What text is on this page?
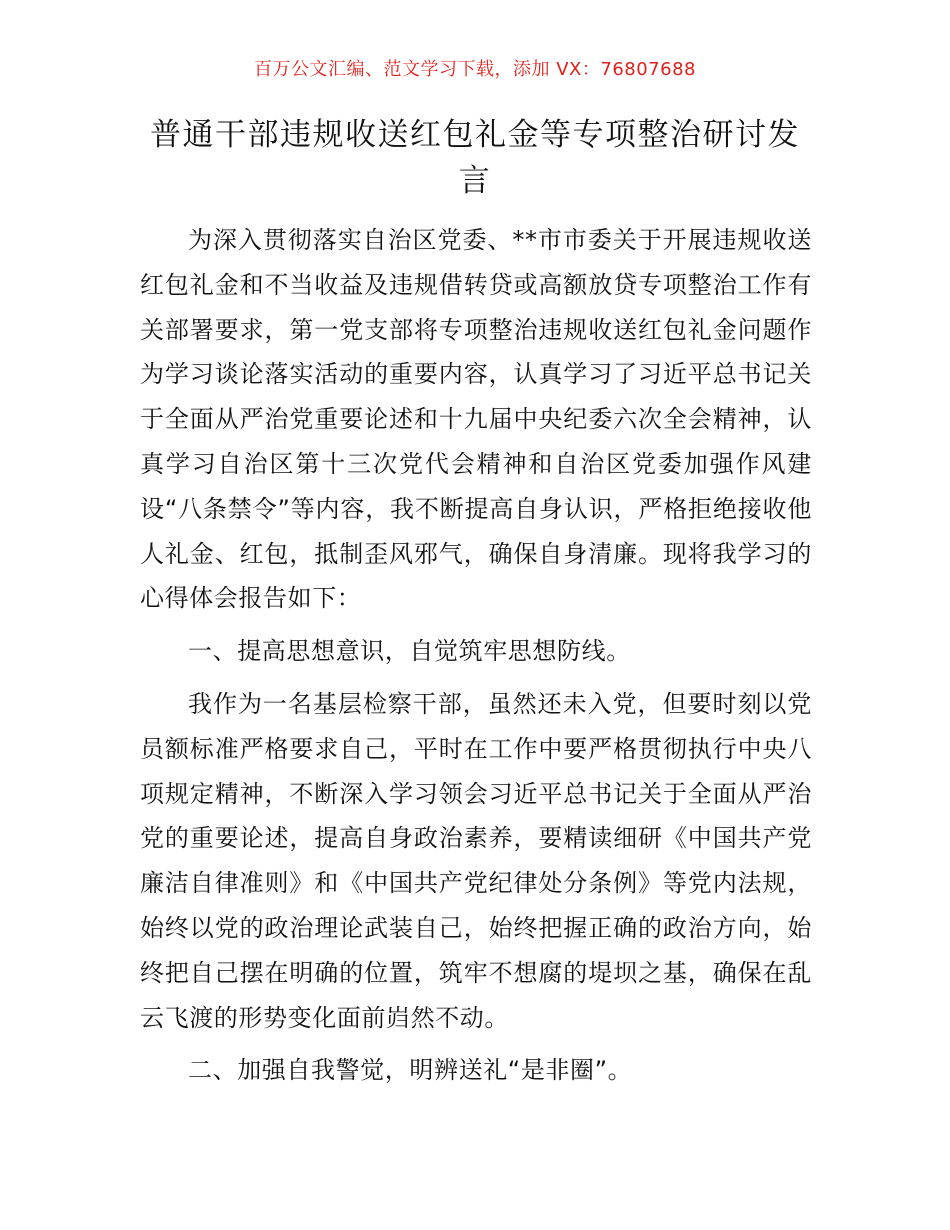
百万公文汇编、范文学习下载，添加 VX：76807688
普通干部违规收送红包礼金等专项整治研讨发言

为深入贯彻落实自治区党委、**市市委关于开展违规收送红包礼金和不当收益及违规借转贷或高额放贷专项整治工作有关部署要求，第一党支部将专项整治违规收送红包礼金问题作为学习谈论落实活动的重要内容，认真学习了习近平总书记关于全面从严治党重要论述和十九届中央纪委六次全会精神，认真学习自治区第十三次党代会精神和自治区党委加强作风建设“八条禁令”等内容，我不断提高自身认识，严格拒绝接收他人礼金、红包，抵制歪风邪气，确保自身清廉。现将我学习的心得体会报告如下：

一、提高思想意识，自觉筑牢思想防线。

我作为一名基层检察干部，虽然还未入党，但要时刻以党员额标准严格要求自己，平时在工作中要严格贯彻执行中央八项规定精神，不断深入学习领会习近平总书记关于全面从严治党的重要论述，提高自身政治素养，要精读细研《中国共产党廉洁自律准则》和《中国共产党纪律处分条例》等党内法规，始终以党的政治理论武装自己，始终把握正确的政治方向，始终把自己摆在明确的位置，筑牢不想腐的堤坝之基，确保在乱云飞渡的形势变化面前岿然不动。

二、加强自我警觉，明辨送礼“是非圈”。
